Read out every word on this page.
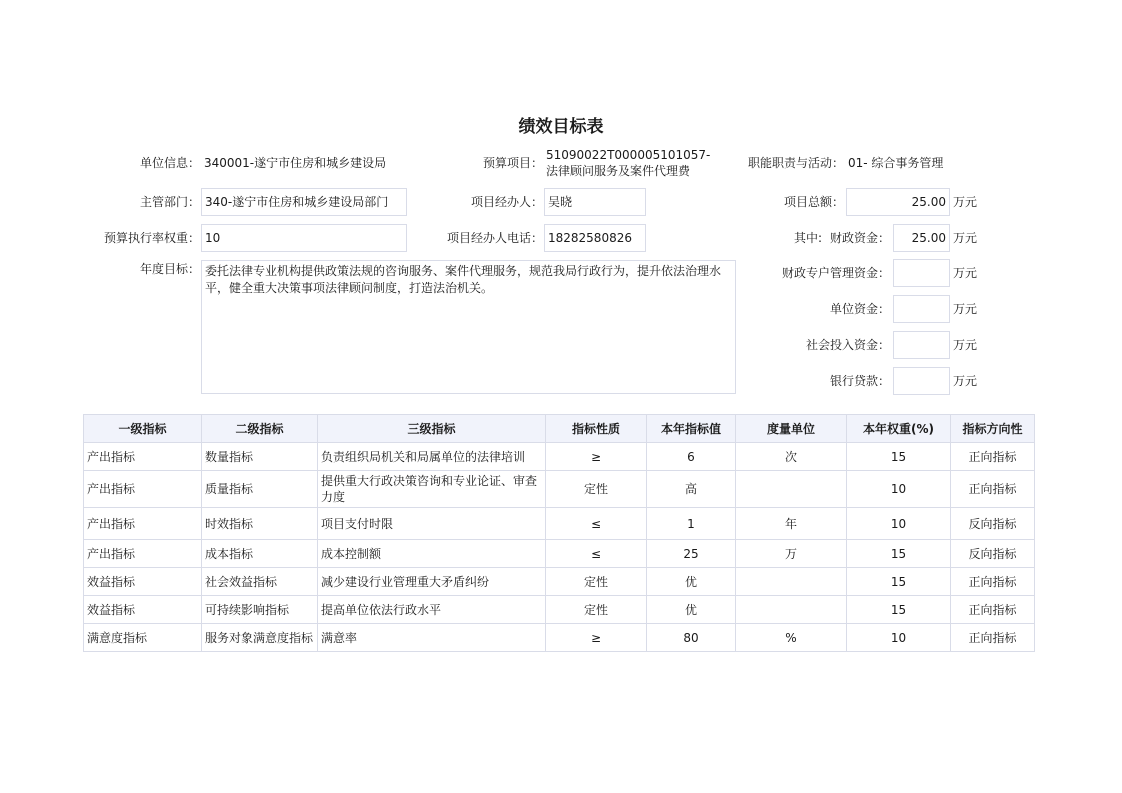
绩效目标表
单位信息： 340001-遂宁市住房和城乡建设局	预算项目：
51090022T000005101057-法律顾问服务及案件代理费
职能职责与活动： 01- 综合事务管理
主管部门： 340-遂宁市住房和城乡建设局部门	项目经办人： 吴晓	项目总额：	25.00 万元
预算执行率权重： 10	项目经办人电话： 18282580826	其中: 财政资金：	25.00 万元
年度目标： 委托法律专业机构提供政策法规的咨询服务、案件代理服务，规范我局行政行为，提升依法治理水平，健全重大决策事项法律顾问制度，打造法治机关。
财政专户管理资金：	万元
单位资金：	万元
社会投入资金：	万元
银行贷款：	万元
一级指标	二级指标	三级指标	指标性质	本年指标值	度量单位	本年权重(%)	指标方向性
产出指标	数量指标	负责组织局机关和局属单位的法律培训	≥	6	次	15	正向指标
产出指标	质量指标	提供重大行政决策咨询和专业论证、审查力度	定性	高		10	正向指标
产出指标	时效指标	项目支付时限	≤	1	年	10	反向指标
产出指标	成本指标	成本控制额	≤	25	万	15	反向指标
效益指标	社会效益指标	减少建设行业管理重大矛盾纠纷	定性	优		15	正向指标
效益指标	可持续影响指标	提高单位依法行政水平	定性	优		15	正向指标
满意度指标	服务对象满意度指标	满意率	≥	80	%	10	正向指标
